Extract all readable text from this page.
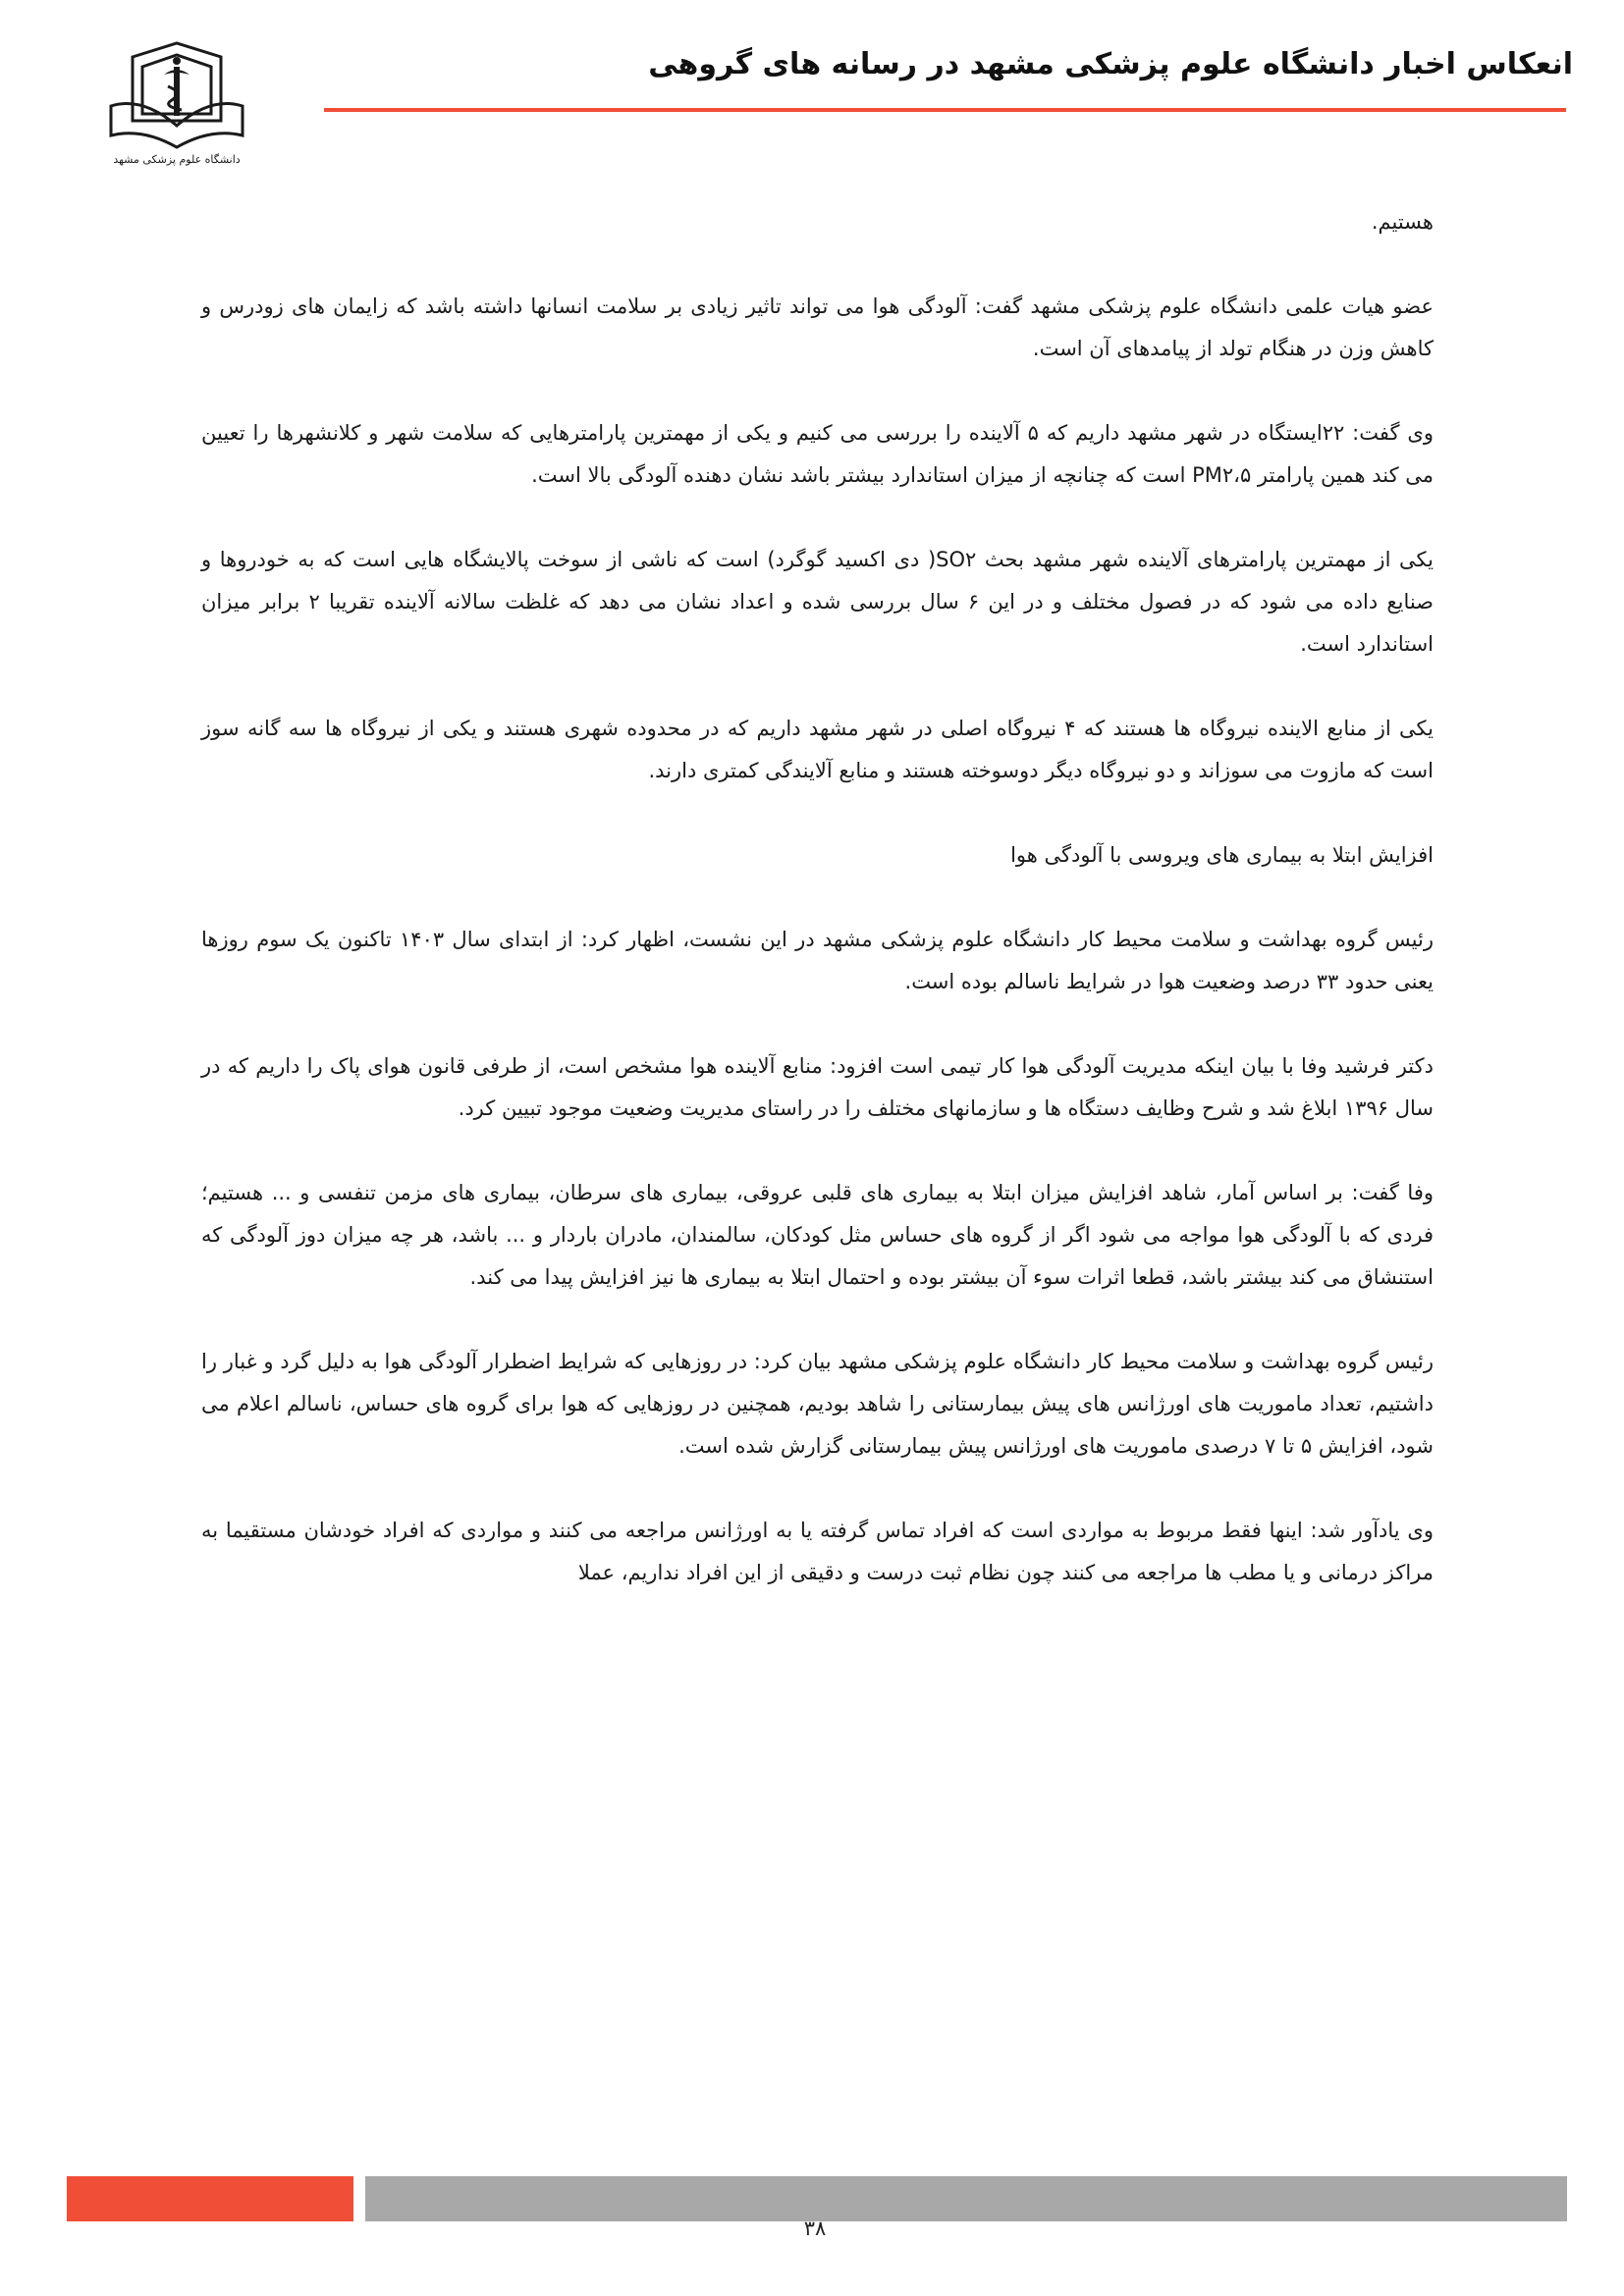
دانشگاه علوم پزشکی مشهد
انعکاس اخبار دانشگاه علوم پزشکی مشهد در رسانه های گروهی

هستیم.

عضو هیات علمی دانشگاه علوم پزشکی مشهد گفت: آلودگی هوا می تواند تاثیر زیادی بر سلامت انسانها داشته باشد که زایمان های زودرس و کاهش وزن در هنگام تولد از پیامدهای آن است.

وی گفت: ۲۲ایستگاه در شهر مشهد داریم که ۵ آلاینده را بررسی می کنیم و یکی از مهمترین پارامترهایی که سلامت شهر و کلانشهرها را تعیین می کند همین پارامتر PM۲،۵ است که چنانچه از میزان استاندارد بیشتر باشد نشان دهنده آلودگی بالا است.

یکی از مهمترین پارامترهای آلاینده شهر مشهد بحث SO۲( دی اکسید گوگرد) است که ناشی از سوخت پالایشگاه هایی است که به خودروها و صنایع داده می شود که در فصول مختلف و در این ۶ سال بررسی شده و اعداد نشان می دهد که غلظت سالانه آلاینده تقریبا ۲ برابر میزان استاندارد است.

یکی از منابع الاینده نیروگاه ها هستند که ۴ نیروگاه اصلی در شهر مشهد داریم که در محدوده شهری هستند و یکی از نیروگاه ها سه گانه سوز است که مازوت می سوزاند و دو نیروگاه دیگر دوسوخته هستند و منابع آلایندگی کمتری دارند.

افزایش ابتلا به بیماری های ویروسی با آلودگی هوا

رئیس گروه بهداشت و سلامت محیط کار دانشگاه علوم پزشکی مشهد در این نشست، اظهار کرد: از ابتدای سال ۱۴۰۳ تاکنون یک سوم روزها یعنی حدود ۳۳ درصد وضعیت هوا در شرایط ناسالم بوده است.

دکتر فرشید وفا با بیان اینکه مدیریت آلودگی هوا کار تیمی است افزود: منابع آلاینده هوا مشخص است، از طرفی قانون هوای پاک را داریم که در سال ۱۳۹۶ ابلاغ شد و شرح وظایف دستگاه ها و سازمانهای مختلف را در راستای مدیریت وضعیت موجود تبیین کرد.

وفا گفت: بر اساس آمار، شاهد افزایش میزان ابتلا به بیماری های قلبی عروقی، بیماری های سرطان، بیماری های مزمن تنفسی و ... هستیم؛ فردی که با آلودگی هوا مواجه می شود اگر از گروه های حساس مثل کودکان، سالمندان، مادران باردار و ... باشد، هر چه میزان دوز آلودگی که استنشاق می کند بیشتر باشد، قطعا اثرات سوء آن بیشتر بوده و احتمال ابتلا به بیماری ها نیز افزایش پیدا می کند.

رئیس گروه بهداشت و سلامت محیط کار دانشگاه علوم پزشکی مشهد بیان کرد: در روزهایی که شرایط اضطرار آلودگی هوا به دلیل گرد و غبار را داشتیم، تعداد ماموریت های اورژانس های پیش بیمارستانی را شاهد بودیم، همچنین در روزهایی که هوا برای گروه های حساس، ناسالم اعلام می شود، افزایش ۵ تا ۷ درصدی ماموریت های اورژانس پیش بیمارستانی گزارش شده است.

وی یادآور شد: اینها فقط مربوط به مواردی است که افراد تماس گرفته یا به اورژانس مراجعه می کنند و مواردی که افراد خودشان مستقیما به مراکز درمانی و یا مطب ها مراجعه می کنند چون نظام ثبت درست و دقیقی از این افراد نداریم، عملا

۳۸
